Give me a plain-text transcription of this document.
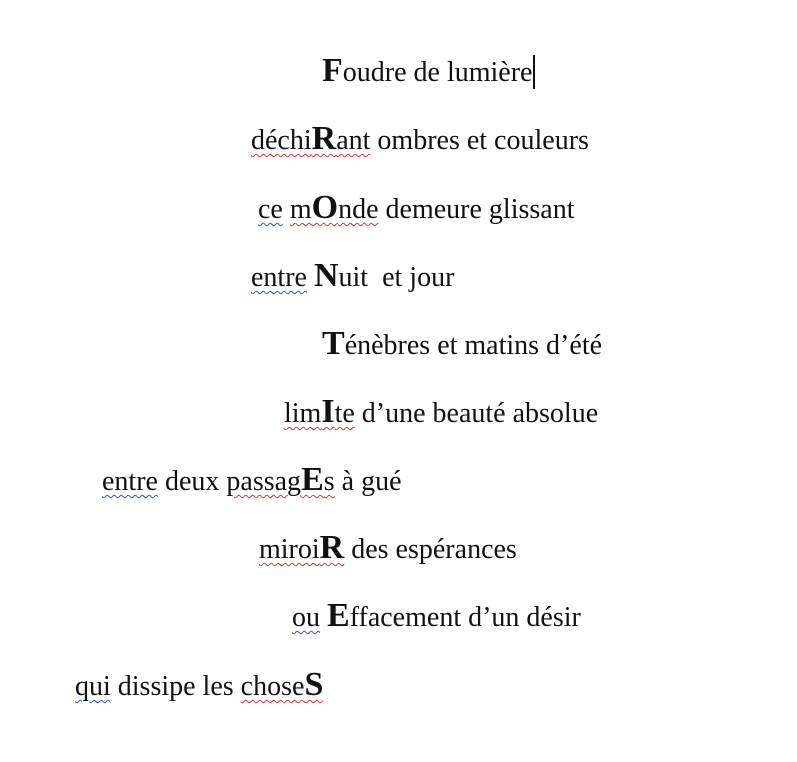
Foudre de lumière
déchiRant ombres et couleurs
ce mOnde demeure glissant
entre Nuit  et jour
Ténèbres et matins d’été
limIte d’une beauté absolue
entre deux passagEs à gué
miroiR des espérances
ou Effacement d’un désir
qui dissipe les choseS
